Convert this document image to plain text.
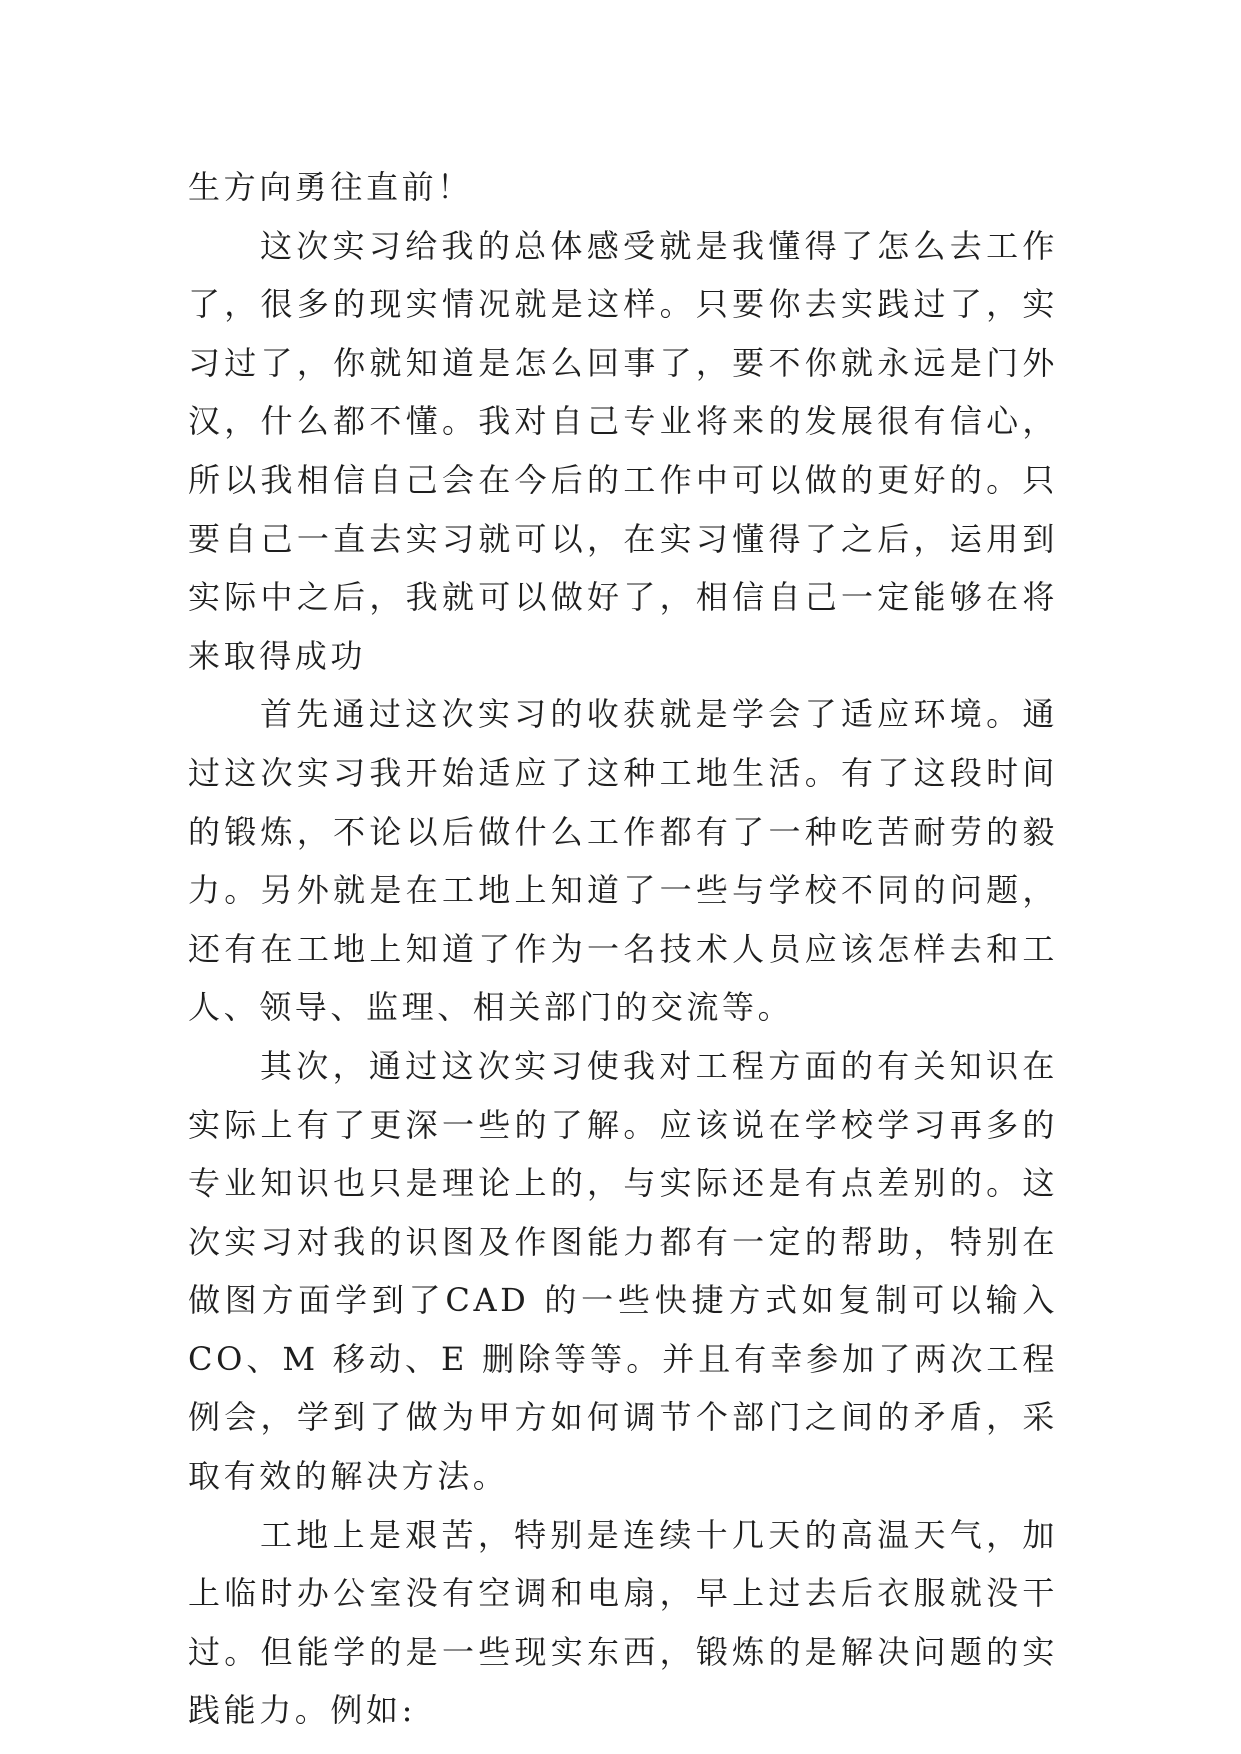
生方向勇往直前！

这次实习给我的总体感受就是我懂得了怎么去工作了，很多的现实情况就是这样。只要你去实践过了，实习过了，你就知道是怎么回事了，要不你就永远是门外汉，什么都不懂。我对自己专业将来的发展很有信心，所以我相信自己会在今后的工作中可以做的更好的。只要自己一直去实习就可以，在实习懂得了之后，运用到实际中之后，我就可以做好了，相信自己一定能够在将来取得成功

首先通过这次实习的收获就是学会了适应环境。通过这次实习我开始适应了这种工地生活。有了这段时间的锻炼，不论以后做什么工作都有了一种吃苦耐劳的毅力。另外就是在工地上知道了一些与学校不同的问题，还有在工地上知道了作为一名技术人员应该怎样去和工人、领导、监理、相关部门的交流等。

其次，通过这次实习使我对工程方面的有关知识在实际上有了更深一些的了解。应该说在学校学习再多的专业知识也只是理论上的，与实际还是有点差别的。这次实习对我的识图及作图能力都有一定的帮助，特别在做图方面学到了CAD 的一些快捷方式如复制可以输入 CO、M 移动、E 删除等等。并且有幸参加了两次工程例会，学到了做为甲方如何调节个部门之间的矛盾，采取有效的解决方法。

工地上是艰苦，特别是连续十几天的高温天气，加上临时办公室没有空调和电扇，早上过去后衣服就没干过。但能学的是一些现实东西，锻炼的是解决问题的实践能力。例如:
